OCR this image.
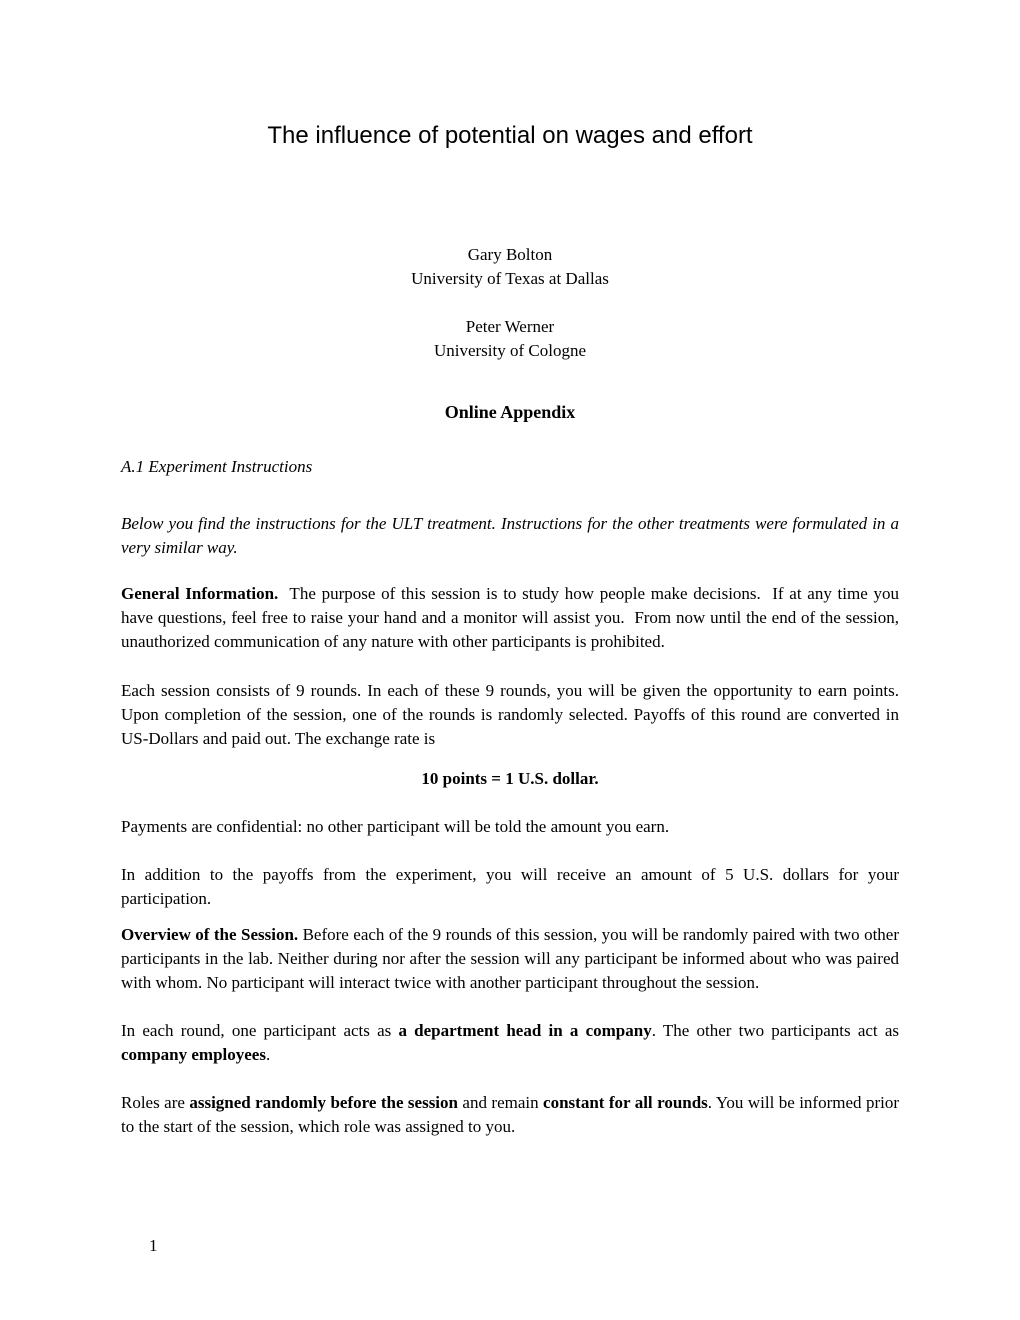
The influence of potential on wages and effort
Gary Bolton
University of Texas at Dallas
Peter Werner
University of Cologne
Online Appendix
A.1 Experiment Instructions

Below you find the instructions for the ULT treatment. Instructions for the other treatments were formulated in a very similar way.

General Information.  The purpose of this session is to study how people make decisions.  If at any time you have questions, feel free to raise your hand and a monitor will assist you.  From now until the end of the session, unauthorized communication of any nature with other participants is prohibited.

Each session consists of 9 rounds. In each of these 9 rounds, you will be given the opportunity to earn points. Upon completion of the session, one of the rounds is randomly selected. Payoffs of this round are converted in US-Dollars and paid out. The exchange rate is

10 points = 1 U.S. dollar.

Payments are confidential: no other participant will be told the amount you earn.

In addition to the payoffs from the experiment, you will receive an amount of 5 U.S. dollars for your participation.

Overview of the Session. Before each of the 9 rounds of this session, you will be randomly paired with two other participants in the lab. Neither during nor after the session will any participant be informed about who was paired with whom. No participant will interact twice with another participant throughout the session.

In each round, one participant acts as a department head in a company. The other two participants act as company employees.

Roles are assigned randomly before the session and remain constant for all rounds. You will be informed prior to the start of the session, which role was assigned to you.

1
